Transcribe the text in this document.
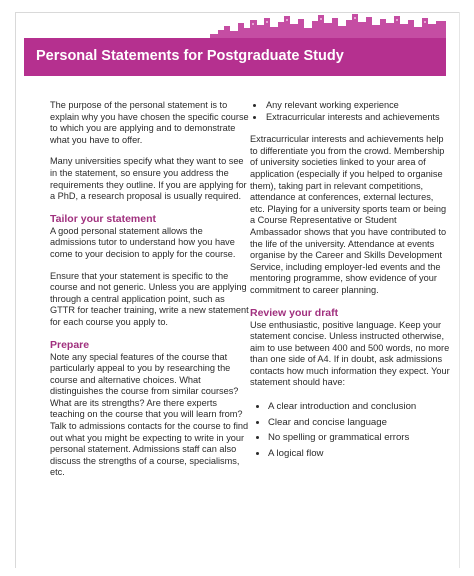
Personal Statements for Postgraduate Study

The purpose of the personal statement is to explain why you have chosen the specific course to which you are applying and to demonstrate what you have to offer.

Many universities specify what they want to see in the statement, so ensure you address the requirements they outline. If you are applying for a PhD, a research proposal is usually required.

Tailor your statement

A good personal statement allows the admissions tutor to understand how you have come to your decision to apply for the course.

Ensure that your statement is specific to the course and not generic. Unless you are applying through a central application point, such as GTTR for teacher training, write a new statement for each course you apply to.

Prepare

Note any special features of the course that particularly appeal to you by researching the course and alternative choices. What distinguishes the course from similar courses? What are its strengths? Are there experts teaching on the course that you will learn from? Talk to admissions contacts for the course to find out what you might be expecting to write in your personal statement. Admissions staff can also discuss the strengths of a course, specialisms, etc.

• Any relevant working experience
• Extracurricular interests and achievements

Extracurricular interests and achievements help to differentiate you from the crowd. Membership of university societies linked to your area of application (especially if you helped to organise them), taking part in relevant competitions, attendance at conferences, external lectures, etc. Playing for a university sports team or being a Course Representative or Student Ambassador shows that you have contributed to the life of the university. Attendance at events organise by the Career and Skills Development Service, including employer-led events and the mentoring programme, show evidence of your commitment to career planning.

Review your draft

Use enthusiastic, positive language. Keep your statement concise. Unless instructed otherwise, aim to use between 400 and 500 words, no more than one side of A4. If in doubt, ask admissions contacts how much information they expect. Your statement should have:

• A clear introduction and conclusion
• Clear and concise language
• No spelling or grammatical errors
• A logical flow
